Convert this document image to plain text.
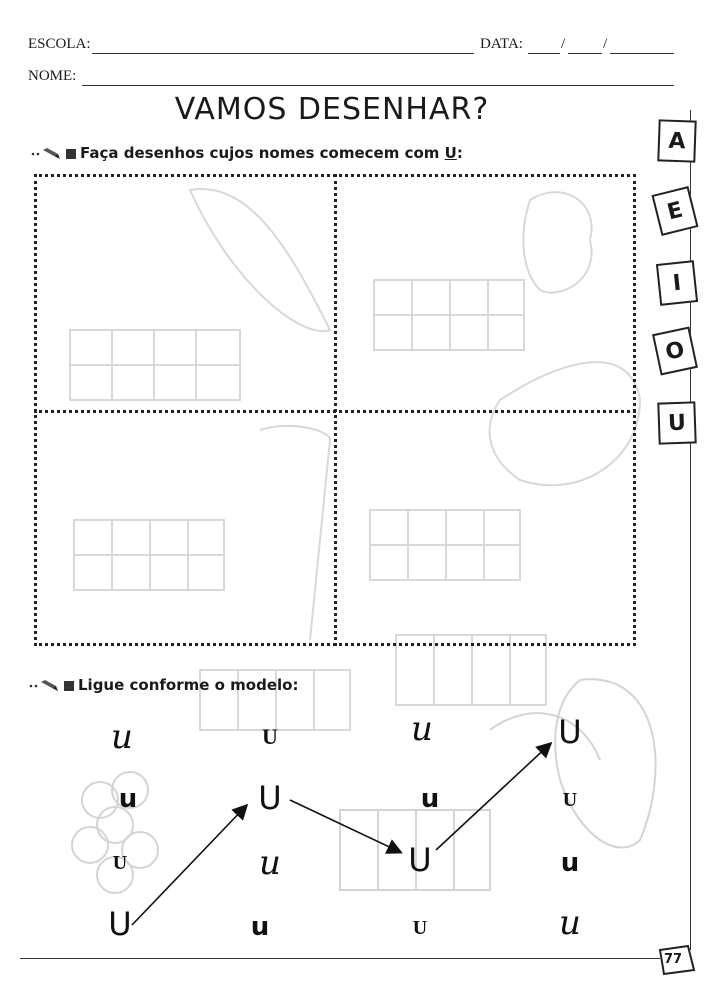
ESCOLA:	DATA:	/	/
NOME:
VAMOS DESENHAR?
Faça desenhos cujos nomes comecem com U:	A
E
I
O
U
Ligue conforme o modelo:
u	U	u	U
u	U	u	U
U	u	U	u
U	u	U	u
77
